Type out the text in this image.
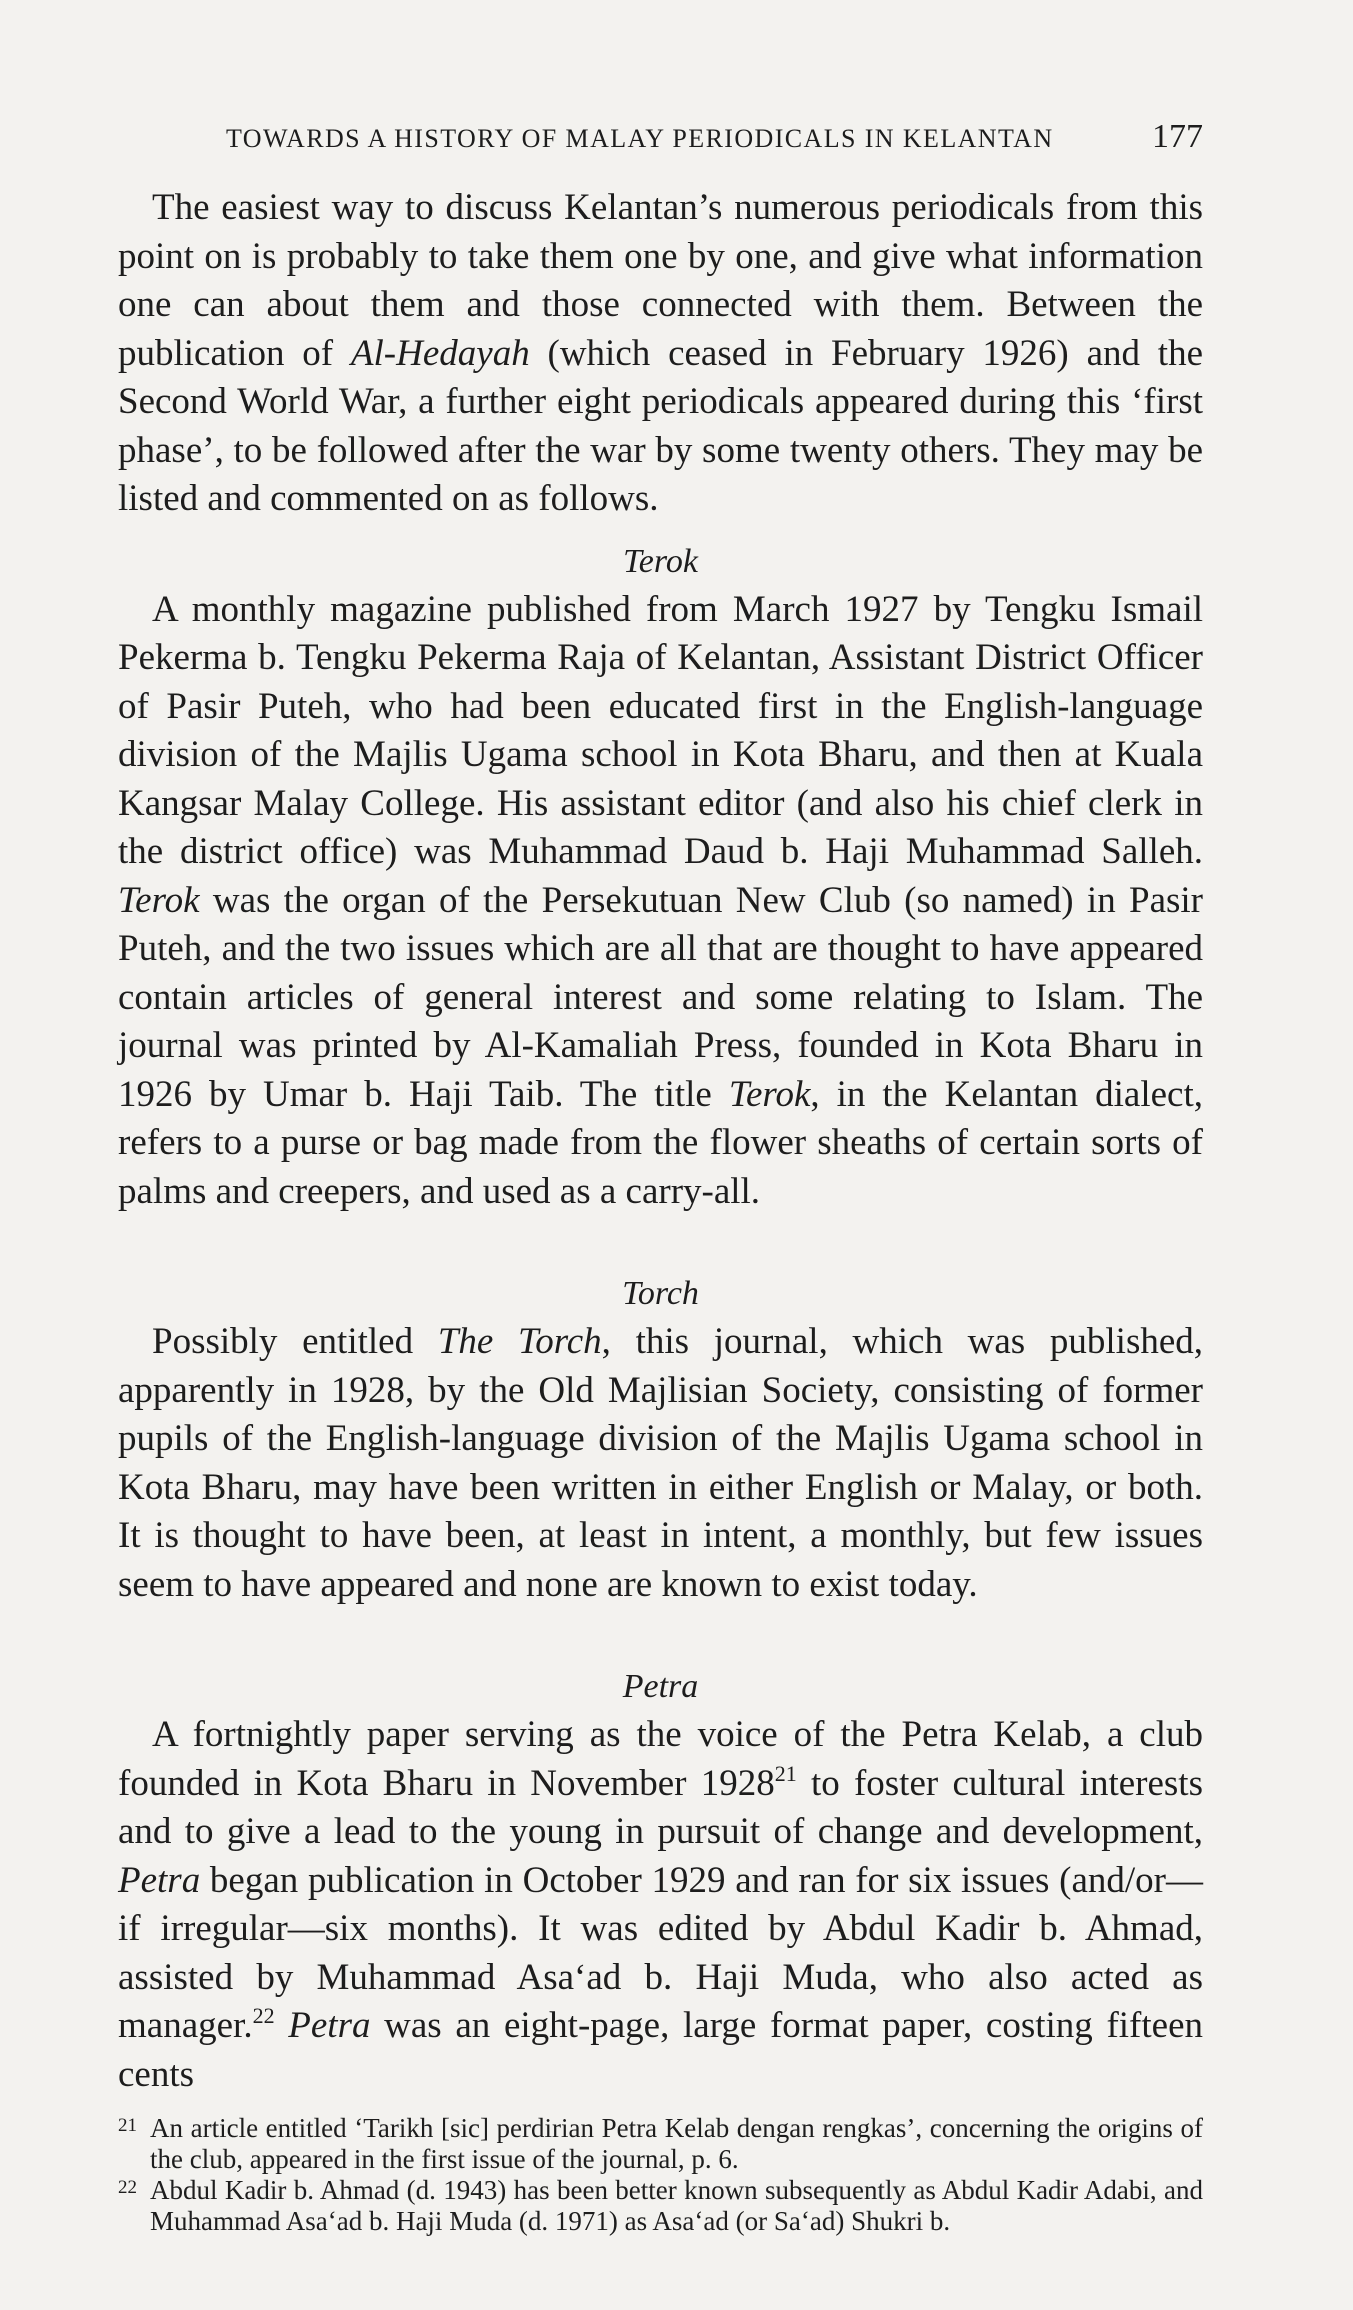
TOWARDS A HISTORY OF MALAY PERIODICALS IN KELANTAN	177

The easiest way to discuss Kelantan’s numerous periodicals from this point on is probably to take them one by one, and give what information one can about them and those connected with them. Between the publication of Al-Hedayah (which ceased in February 1926) and the Second World War, a further eight periodicals appeared during this ‘first phase’, to be followed after the war by some twenty others. They may be listed and commented on as follows.

Terok

A monthly magazine published from March 1927 by Tengku Ismail Pekerma b. Tengku Pekerma Raja of Kelantan, Assistant District Officer of Pasir Puteh, who had been educated first in the English-language division of the Majlis Ugama school in Kota Bharu, and then at Kuala Kangsar Malay College. His assistant editor (and also his chief clerk in the district office) was Muhammad Daud b. Haji Muhammad Salleh. Terok was the organ of the Persekutuan New Club (so named) in Pasir Puteh, and the two issues which are all that are thought to have appeared contain articles of general interest and some relating to Islam. The journal was printed by Al-Kamaliah Press, founded in Kota Bharu in 1926 by Umar b. Haji Taib. The title Terok, in the Kelantan dialect, refers to a purse or bag made from the flower sheaths of certain sorts of palms and creepers, and used as a carry-all.

Torch

Possibly entitled The Torch, this journal, which was published, apparently in 1928, by the Old Majlisian Society, consisting of former pupils of the English-language division of the Majlis Ugama school in Kota Bharu, may have been written in either English or Malay, or both. It is thought to have been, at least in intent, a monthly, but few issues seem to have appeared and none are known to exist today.

Petra

A fortnightly paper serving as the voice of the Petra Kelab, a club founded in Kota Bharu in November 1928$^{21}$ to foster cultural interests and to give a lead to the young in pursuit of change and development, Petra began publication in October 1929 and ran for six issues (and/or— if irregular—six months). It was edited by Abdul Kadir b. Ahmad, assisted by Muhammad Asa‘ad b. Haji Muda, who also acted as manager.$^{22}$ Petra was an eight-page, large format paper, costing fifteen cents

21 An article entitled ‘Tarikh [sic] perdirian Petra Kelab dengan rengkas’, concerning the origins of the club, appeared in the first issue of the journal, p. 6.
22 Abdul Kadir b. Ahmad (d. 1943) has been better known subsequently as Abdul Kadir Adabi, and Muhammad Asa‘ad b. Haji Muda (d. 1971) as Asa‘ad (or Sa‘ad) Shukri b.
